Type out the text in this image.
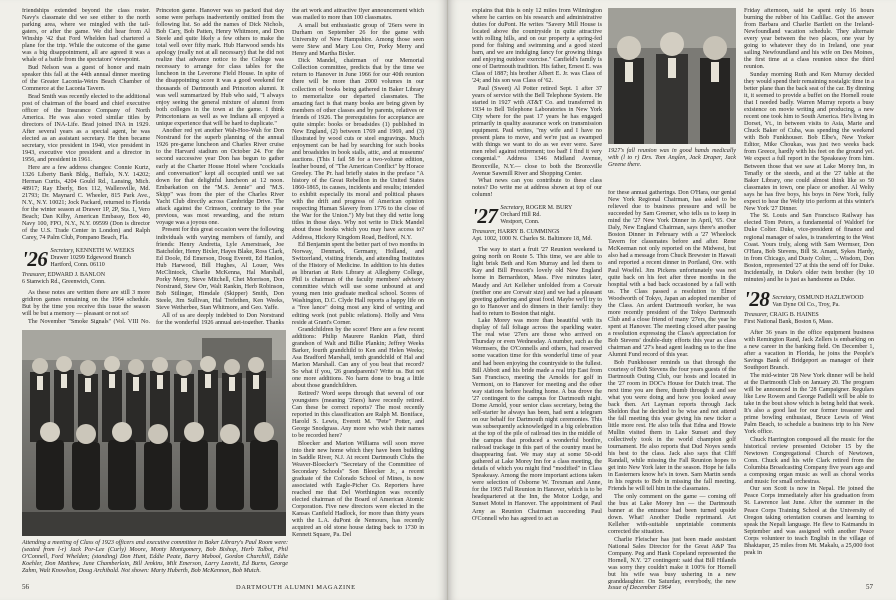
friendships extended beyond the class roster. Navy's classmate did we see either to the north parking area, where we mingled with the tail-gaters, or after the game. We did hear from Al Winship '42 that Ford Whelden had chartered a plane for the trip. While the outcome of the game was a big disappointment, all are agreed it was a whale of a battle from the spectators' viewpoint.

Bud Nelson was a guest of honor and main speaker this fall at the 44th annual dinner meeting of the Greater Laconia-Weirs Beach Chamber of Commerce at the Laconia Tavern.

Brad Smith was recently elected to the additional post of chairman of the board and chief executive officer of the Insurance Company of North America. He was also voted similar titles by directors of INA-Life. Brad joined INA in 1929. After several years as a special agent, he was elected as an assistant secretary. He then became secretary, vice president in 1940, vice president in 1943, executive vice president and a director in 1956, and president in 1961.

Here are a few address changes: Connie Kurtz, 1326 Liberty Bank Bldg., Buffalo, N.Y. 14202; Herman Curtis, 4204 Gould Rd., Lansing, Mich. 48917; Ray Eberly, Box 112, Wallersville, Md. 21793; Dr. Maynard C. Wheeler, 815 Park Ave., N.Y., N.Y. 10021; Jock Packard, returned to Florida for the winter season at Drawer 1P, 2P, Sta. 1, Vero Beach; Dan Kilby, American Embassy, Box 40, Navy 100, FPO, N.Y., N.Y. 09599 (Don is director of the U.S. Trade Center in London) and Ralph Carey, 74 Palm Club, Pompano Beach, Fla.

'26 Secretary, KENNETH W. WEEKS
Drawer 10299 Edgewood Branch
Hartford, Conn. 06110
Treasurer, EDWARD J. BANLON
6 Stanwich Rd., Greenwich, Conn.

As these notes are written there are still 3 more gridiron games remaining on the 1964 schedule. But by the time you receive this issue the season will be but a memory — pleasant or not so!

The November "Smoke Signals" (Vol. VIII No.

Princeton game. Hanover was so packed that day some were perhaps inadvertently omitted from the following list. So add the names of Dick Nichols, Bob Cary, Bob Patten, Henry Whitmore, and Don Steele and quite likely a few others to make the total well over fifty mark. Hub Harwood sends his apology (really not at all necessary) that he did not realize that advance notice to the College was necessary to arrange for class tables for the luncheon in the Leverone Field House. In spite of the disappointing score it was a good weekend for thousands of Dartmouth and Princeton alumni. It was well summarized by Hub who said, "I always enjoy seeing the general mixture of alumni from both colleges in the town at the game. I think Princetonians as well as we Indians all enjoyed a unique experience that will be hard to duplicate."

Another red yet another Wah-Hoo-Wah for Don Norstrand for the superb planning of the annual 1926 pre-game luncheon and Charles River cruise to the Harvard stadium on October 24. For the second successive year Don has begun to gather early at the Charter House Hotel where "cocktails and conversation" kept all occupied until we sat down for that delightful luncheon at 12 noon. Embarkation on the "M.S. Jennie" and "M.S. Skipp" was from the pier of the Charles River Yacht Club directly across Cambridge Drive. The attack against the Crimson, contrary to the year previous, was most rewarding, and the return voyage was a joyous one.

Present for this great occasion were the following individuals with varying members of family, and friends: Henry Andretta, Lyle Amerstraek, Joe Batchelder, Henry Bixler, Hayes Blake, Ross Clark, Ed Doole, Ed Emerson, Doug Everett, Ed Hanlon, Hub Harwood, Bill Hughes, Al Louer, Wes McClintock, Charlie McKenna, Hal Marshall, Porky Merry, Steve Mitchell, Chet Morrison, Don Norstrand, Stew Orr, Walt Rankin, Herb Robinson, Bob Stilinger, Himdale (Skipper) Smith, Don Steele, Jim Sullivan, Hal Trefethen, Ken Weeks, Steve Wetherbee, Stan Whitmore, and Geo. Yaffe.

All of us are deeply indebted to Don Norstrand for the wonderful 1926 annual get-together. Thanks

the art work and attractive flyer announcement which was mailed to more than 100 classmates.

A small but enthusiastic group of '26ers were in Durham on September 26 for the game with University of New Hampshire. Among those seen were Stew and Mary Lou Orr, Porky Merry and Henry and Martha Bixler.

Dick Mandel, chairman of our Memorial Collection committee, predicts that by the time we return to Hanover in June 1966 for our 40th reunion there will be more than 2000 volumes in our collection of books being gathered in Baker Library to memorialize our departed classmates. The amazing fact is that many books are being given by members of other classes and by parents, relatives or friends of 1926. The prerequisites for acceptance are quite simple: books or broadsides (1) published in New England, (2) between 1769 and 1969, and (3) illustrated by wood cuts or steel engravings. Much enjoyment can be had by searching for such books and broadsides in book stalls, attic, and at museums' auctions. (This I fail 58 for a two-volume edition, leather bound, of "The American Conflict" by Horace Greeley. The Pr. had briefly states in the preface "A history of the Great Rebellion in the United States 1860-1865, its causes, incidents and results; intended to exhibit especially its moral and political phases with the drift and progress of American opinion respecting Human Slavery from 1776 to the close of the War for the Union.") My but they did write long titles in those days. Why not write to Dick Mandel about those books which you may have access to? Address, Hickory Kingdom Road, Bedford, N.Y.

Ed Benjamin spent the better part of two months in Norway, Denmark, Germany, Holland, and Switzerland, visiting friends, and attending Institutes of the History of Medicine. In addition to his duties as librarian at Reis Library at Allegheny College, Phil is chairman of the faculty members' advisory committee which will use some unbound at and young men into graduate medical school. Scores of Washington, D.C. Clyde Hall reports a happy life on a "free lance" doing most any kind of writing and editing work (not public relations). Holly and Vera reside at Grant's Corner.

Grandchildren by the score! Here are a few recent additions: Philip Maurere Rankin Platt, third grandson of Walt and Billie Plankin; Jeffrey Weeks Barker, fourth grandchild to Ken and Helen Weeks; Asa Bradford Marshall, tenth grandchild of Hal and Marion Marshall. Can any of you beat that record? So what if you, '26 grandparents? Write us. But not one more additions. No harm done to brag a little about those grandchildren.

Retired? Word seeps through that several of our youngsters (meaning '26ers) have recently retired. Can these be correct reports? The most recently reported in this classification are Ralph M. Boniface, Harold S. Lewis, Everett M. "Pete" Potter, and George Snodgrass. Any more who wish their names to be recorded here?

Bloecker and Marion Williams will soon move into their new home which they have been building in Saddle River, N.J. At recent Dartmouth Clubs the Weaver-Bloecker's "Secretary of the Committee of Secondary Schools" Son Bleecker Jr., a recent graduate of the Colorado School of Mines, is now associated with Eagle-Picher Co. Reporters have reached me that Del Worthington was recently elected chairman of the Board of American Atomic Corporation. Five new directors were elected in the Kansas Canfield Hadlock, for more than thirty years with the L.A. duPont de Nemours, has recently acquired an old stone house dating back to 1730 in Kennett Square, Pa. Del

Attending a meeting of Class of 1923 officers and executive committee in Baker Library's Paul Room were: (seated from l-r) Jack Por-Lee (Curly) Moore, Monty Montgomery, Bob Bishop, Herb Talbot, Phil O'Connell, Ford Whelden; (standing) Don Hunt, Eddie Peate, Barry Mabool, Gordon Churchill, Eddie Koehler, Don Matthew, June Chamberlain, Bill Jenkins, Milt Emerson, Larry Leavitt, Ed Burns, George Zahm, Walt Knowlton, Doug Archibald. Not shown: Marty Huberth, Bob McKennon, Bob Mutch.
56	DARTMOUTH ALUMNI MAGAZINE

explains that this is only 12 miles from Wilmington where he carries on his research and administrative duties for duPont. He writes "Savery Mill House is located above the countryside in quite attractive with rolling hills, and on our property a spring-fed pond for fishing and swimming and a good sized barn, and we are indulging fancy for growing things and enjoying outdoor exercise." Canfield's family is one of Dartmouth tradition. His father, Ernest E. was Class of 1887; his brother Albert E. Jr. was Class of '24; and his son was Class of '62.

Paul (Sweet) Al Potter retired Sept. 1 after 37 years of service with the Bell Telephone System. He started in 1927 with AT&T Co. and transferred in 1934 to Bell Telephone Laboratories in New York City where for the past 17 years he has engaged primarily in quality assurance work on transmission equipment. Paul writes, "my wife and I have no present plans to move, and we're just as swamped with things we want to do as we ever were. Save men rebel against retirement; too bad! I find it very congenial." Address 1346 Midland Avenue, Bronxville, N.Y.— close to both the Bronxville Avenue Sawmill River and Shopping Center.

What news can you contribute to these class notes? Do write me at address shown at top of our column!

'27 Secretary, ROGER M. BURY
Orchard Hill Rd.
Westport, Conn.
Treasurer, HARRY B. CUMMINGS
Apt. 1002, 1000 N. Charles St. Baltimore 18, Md.

The way to start a fruit '27 Reunion weekend is going north on Route 5. This time, we are able to light brisk Beth and Ken Murray and led them to Kay and Bill Prescott's lovely old New England home in Bernardston, Mass. Five minutes later, Maudy and Art Kelleher unfolded from a Corvair (neither one are Corvair size) and we had a pleasant greeting gathering and great food. Maybe we'll try to go to Hanover and do dinners in their family: they had to return to Boston that night.

Lake Morey was more than beautiful with its display of fall foliage across the sparkling water. The real wise '27ers are those who arrived on Thursday or even Wednesday. A number, such as the Wormsers, the O'Connells and others, had reserved some vacation time for this wonderful time of year and had been enjoying the countryside to the fullest. Bill Abbott and his bride made a real trip East from San Francisco, meeting the Arnolds for golf in Vermont, on to Hanover for meeting and the other way stations before heading home. A bus drove the '27 contingent to the campus for Dartmouth night. Dome Arnold, your senior class secretary, being the self-starter he always has been, had sent a telegram on our behalf for Dartmouth night ceremonies. This was subsequently acknowledged in a big celebration at the top of the pile of railroad ties in the middle of the campus that produced a wonderful bonfire, railroad trackage in this part of the country must be disappearing fast. We may stay at some 50-odd gathered at Lake Morey Inn for a class meeting, the details of which you might find "modified" in Class Speakeasy. Among the more important actions taken were selection of Osborne W. Trexman and Anne, for the 1965 Fall Reunion in Hanover, which is to be headquartered at the Inn, the Motor Lodge, and Sunset Motel in Hanover. The appointment of Paul Arny as Reunion Chairman succeeding Paul O'Connell who has agreed to act as

1927's fall reunion was in good hands medically with (l to r) Drs. Tom Anglen, Jack Draper, Jack Greene there.

for these annual gatherings. Don O'Hara, our genial New York Regional Chairman, has asked to be relieved due to business pressure and will be succeeded by Sam Greener, who tells us to keep in mind the '27 New York Dinner in April, '65. Our Daly, New England Chairman, says there's another Boston Dinner in February with a '27 Wheelock Tavern for classmates before and after. Rene McKeeman not only reported on the Midwest, but also had a message from Chuck Brewster in Hawaii and reported a recent dinner in Portland, Ore. with Paul Woelfel. Jim Pickens unfortunately was not quite back on his feet after three months in the hospital with a bad back occasioned by a fall with us. The Class passed a resolution to Elmer Woodworth of Tokyo, Japan an adopted member of the Class. An ardent Dartmouth worker, he was more recently president of the Tokyo Dartmouth Club and a close friend of many '27ers, the year he spent at Hanover. The meeting closed after passing a resolution expressing the Class's appreciation for Bob Stevens' double-duty efforts this year as class chairman and '27's head agent leading us to the fine Alumni Fund record of this year.

Bob Funkhouser reminds us that through the courtesy of Bob Stevens the four years guests of the Dartmouth Outing Club, our hosts and located in the '27 room in DOC's House for Dutch treat. The next time you are there, thumb through it and see what you were doing and how you looked away back then. Art Layman reports through Jack Sheldon that he decided to be wise and not attend the fall meeting this year giving his new ticker a little more rest. He also tells that Edna and Howie Mullin visited them in Lake Sunset and they collectively took in the world champion golf tournament. He also reports that Dud Noyes sends his best to the class. Jack also says that Cliff Randall, while missing the Fall Reunion hopes to get into New York later in the season. Hope he falls in Easterners know he's in town. Sam Martin sends in his regrets to Bob in missing the fall meeting. Friends he will tell him in the classmates.

The only comment on the game — coming off the bus at Lake Morey Inn — the Dartmouth banner at the entrance had been turned upside down. What! Another Dudie reprimand. Art Kelleher with-suitable unprintable comments corrected the situation.

Charlie Fleischer has just been made assistant National Sales Director for the Great A&P Tea Company. Peg and Hank Copeland represented the Hornell, N.Y. '27 contingent: said that Bill Hilands was sorry they couldn't make it 100% for Hornell but his wife was busy ushering in a new granddaughter. On Saturday, everybody, the new

Friday afternoon, said he spent only 16 hours burning the rubber of his Cadillac. Got the answer from Barbara and Charlie Bartlett on the Ireland-Newfoundland vacation schedule. They alternate every year between the two places, one year by going to whatever they do in Ireland, one year sailing Newfoundland and his wife on Des Moines, the first time at a class reunion since the third reunion.

Sunday morning Ruth and Ken Murray decided they would spend their remaining nostalgic time in a better plane than the back seat of the car. By dinning it, it seemed to provide a buffet on the Hornell route that I needed badly. Warren Murray reports a busy existence on movie writing and producing, a new recent one took him to South America. He's living in Dorset, Vt., in between visits to Asia, Marie and Chuck Baker of Cuba, was spending the weekend with Bob Funkhouser. Bob Elbe's, New Yorker Editor, Mike Choukas, was just two weeks back from Greece, hardly with his feet on the ground yet. We expect a full report in the Speakeasy from him. Between those that we saw at Lake Morey Inn, in Tenafly or the steeds, and at the '27 table at the Baker Library, one could almost think like so 50 classmates in town, one place or another. Al Welty says he has five boys, his boys in New York, fully expect to hear the Welty trio perform at this winter's New York '27 Dinner.

The St. Louis and San Francisco Railway has elected Tom Peters, a fundamental of Waldorf for Duke Colter. Duke, vice-president of finance and regional manager of sales, is transferring to the West Coast. Yours truly, along with Sam Wermser, Don O'Hara, Bob Stevens, Bill St. Amant, Sykes Hardy, in from Chicago, and Dusty Colter, ... Wisdom, Don Boston, represented '27 at this the send off for Duke. Incidentally, in Duke's older twin brother (by 10 minutes) and he is just as handsome as Duke.

'28 Secretary, OSMUND HAZLEWOOD
Van Dyne Oil Co., Troy, Pa.
Treasurer, CRAIG B. HAINES
First National Bank, Boston 6, Mass.

After 36 years in the office equipment business with Remington Rand, Jack Zellers is embarking on a new career in the banking field. On December 1, after a vacation in Florida, he joins the People's Savings Bank of Bridgeport as manager of their Southport Branch.

The mid-winter '28 New York dinner will be held at the Dartmouth Club on January 20. The program will be announced in the '28 Campaigner. Regulars like Lew Rowen and George Padlelli will be able to take in the bout show which is being held that week. It's also a good last for our former treasurer and prime bowling enthusiast, Bruce Lewis of West Palm Beach, to schedule a business trip to his New York office.

Chuck Harrington composed all the music for the historical review presented October 15 by the Newtown Congregational Church of Newtown, Conn. Chuck and his wife Clark retired from the Columbia Broadcasting Company five years ago and a composing organ music as well as choral works and music for small orchestras.

Our son Scott is now in Nepal. He joined the Peace Corps immediately after his graduation from St. Lawrence last June. After the summer in the Peace Corps Training School at the University of Oregon taking orientation courses and learning to speak the Nepali language. He flew to Katmandu in September and was assigned with another Peace Corps volunteer to teach English in the village of Bhaktapur, 25 miles from Mt. Makalu, a 25,000 foot peak in

Issue of December 1964	57
